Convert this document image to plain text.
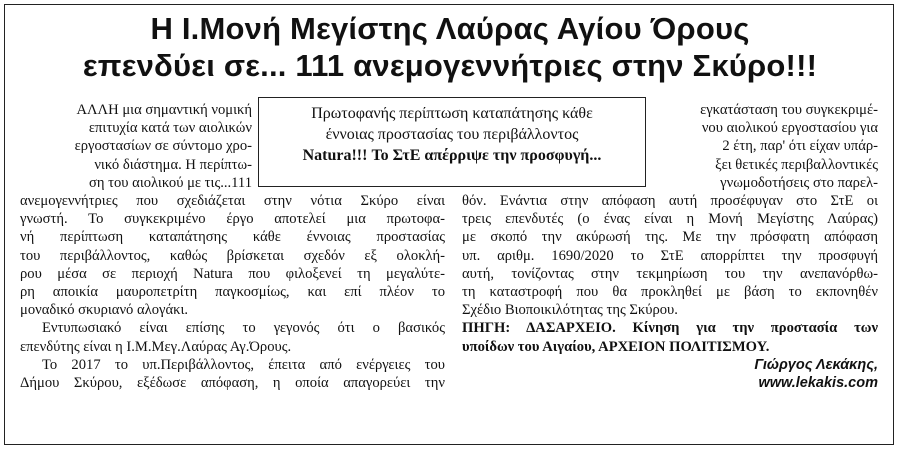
Η Ι.Μονή Μεγίστης Λαύρας Αγίου Όρους
επενδύει σε... 111 ανεμογεννήτριες στην Σκύρο!!!
Πρωτοφανής περίπτωση καταπάτησης κάθε
έννοιας προστασίας του περιβάλλοντος
Natura!!! Το ΣτΕ απέρριψε την προσφυγή...
ΑΛΛΗ μια σημαντική νομική
επιτυχία κατά των αιολικών
εργοστασίων σε σύντομο χρο-
νικό διάστημα. Η περίπτω-
ση του αιολικού με τις...111
ανεμογεννήτριες που σχεδιάζεται στην νότια Σκύρο είναι
γνωστή. Το συγκεκριμένο έργο αποτελεί μια πρωτοφα-
νή περίπτωση καταπάτησης κάθε έννοιας προστασίας
του περιβάλλοντος, καθώς βρίσκεται σχεδόν εξ ολοκλή-
ρου μέσα σε περιοχή Natura που φιλοξενεί τη μεγαλύτε-
ρη αποικία μαυροπετρίτη παγκοσμίως, και επί πλέον το
μοναδικό σκυριανό αλογάκι.
Εντυπωσιακό είναι επίσης το γεγονός ότι ο βασικός
επενδύτης είναι η Ι.Μ.Μεγ.Λαύρας Αγ.Όρους.
Το 2017 το υπ.Περιβάλλοντος, έπειτα από ενέργειες του
Δήμου Σκύρου, εξέδωσε απόφαση, η οποία απαγορεύει την
εγκατάσταση του συγκεκριμέ-
νου αιολικού εργοστασίου για
2 έτη, παρ' ότι είχαν υπάρ-
ξει θετικές περιβαλλοντικές
γνωμοδοτήσεις στο παρελ-
θόν. Ενάντια στην απόφαση αυτή προσέφυγαν στο ΣτΕ οι
τρεις επενδυτές (ο ένας είναι η Μονή Μεγίστης Λαύρας)
με σκοπό την ακύρωσή της. Με την πρόσφατη απόφαση
υπ. αριθμ. 1690/2020 το ΣτΕ απορρίπτει την προσφυγή
αυτή, τονίζοντας στην τεκμηρίωση του την ανεπανόρθω-
τη καταστροφή που θα προκληθεί με βάση το εκπονηθέν
Σχέδιο Βιοποικιλότητας της Σκύρου.
ΠΗΓΗ: ΔΑΣΑΡΧΕΙΟ. Κίνηση για την προστασία των
υποίδων του Αιγαίου, ΑΡΧΕΙΟΝ ΠΟΛΙΤΙΣΜΟΥ.
Γιώργος Λεκάκης,
www.lekakis.com
